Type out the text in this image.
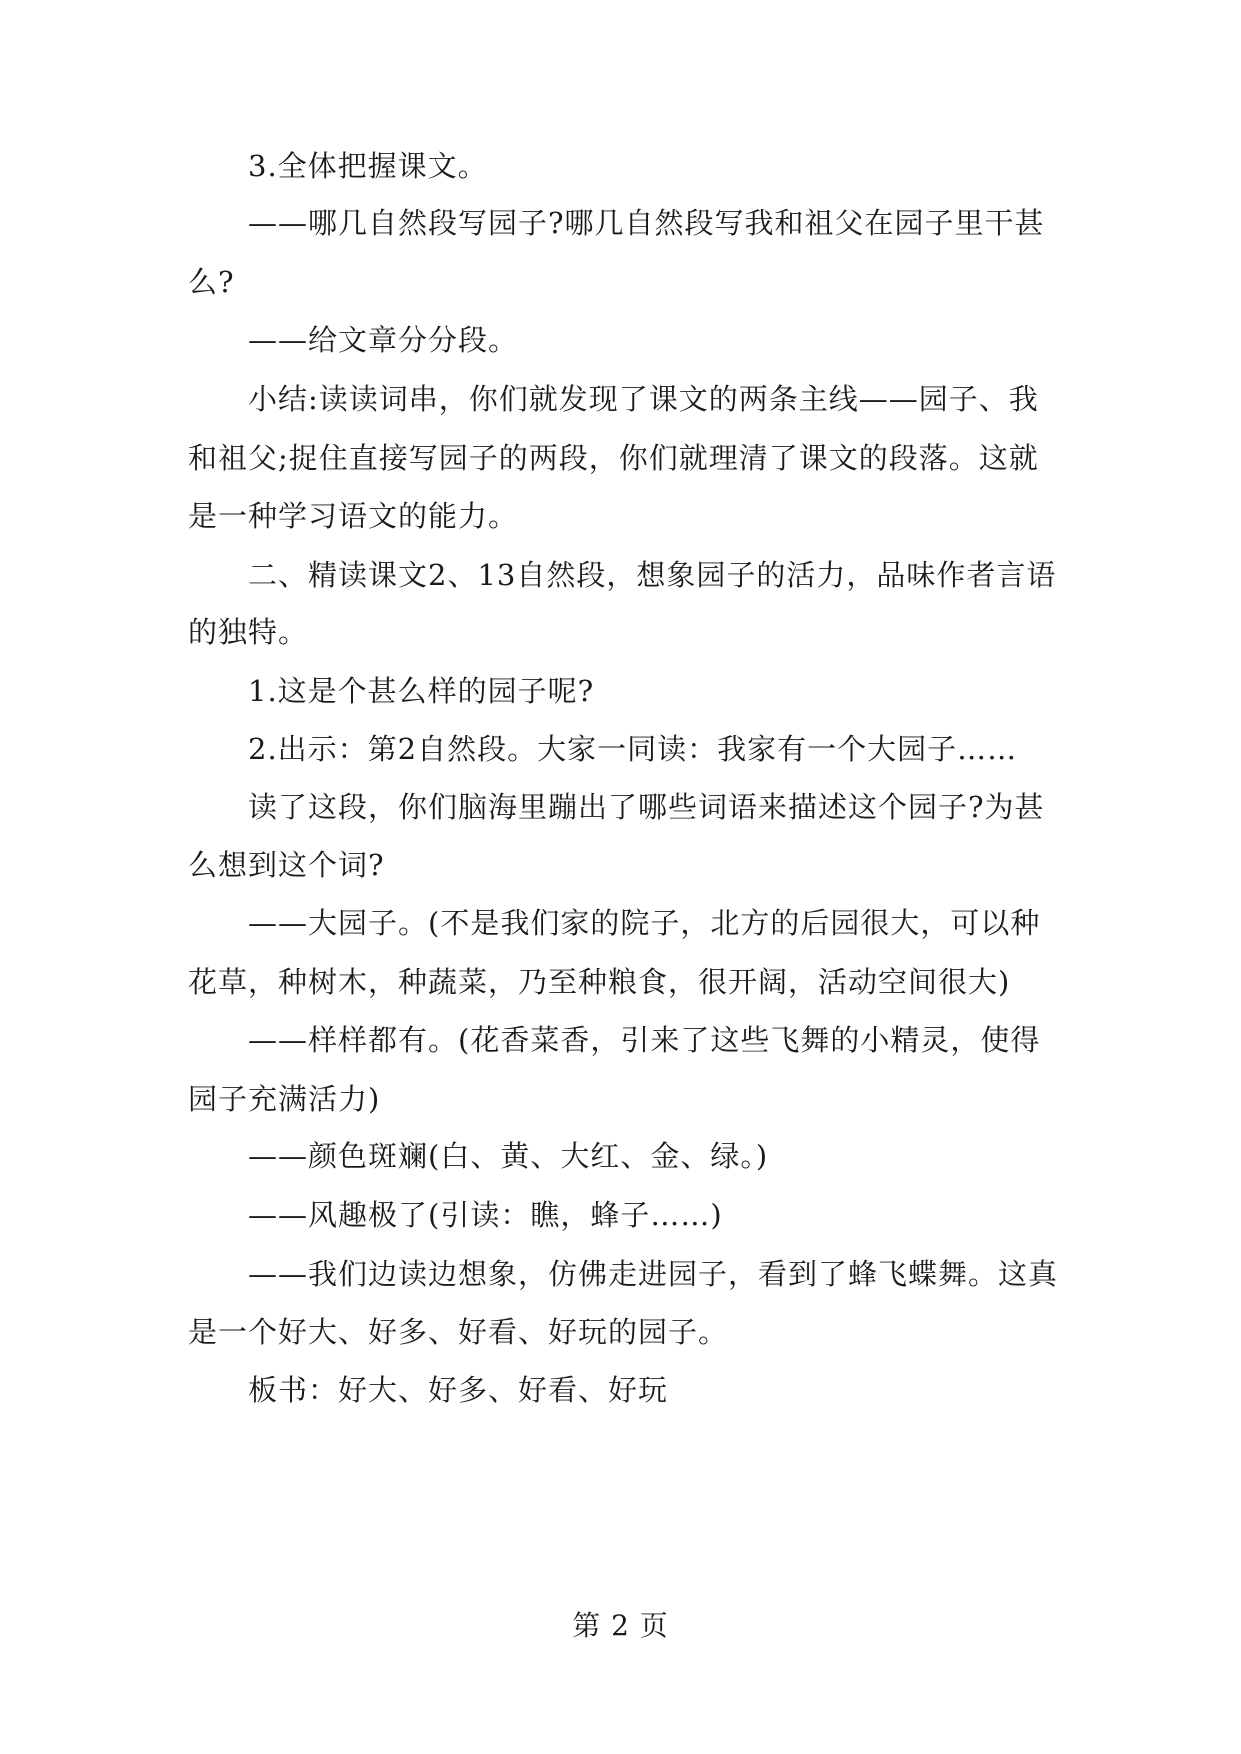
3.全体把握课文。
——哪几自然段写园子?哪几自然段写我和祖父在园子里干甚
么?
——给文章分分段。
小结:读读词串，你们就发现了课文的两条主线——园子、我
和祖父;捉住直接写园子的两段，你们就理清了课文的段落。这就
是一种学习语文的能力。
二、精读课文2、13自然段，想象园子的活力，品味作者言语
的独特。
1.这是个甚么样的园子呢?
2.出示：第2自然段。大家一同读：我家有一个大园子……
读了这段，你们脑海里蹦出了哪些词语来描述这个园子?为甚
么想到这个词?
——大园子。(不是我们家的院子，北方的后园很大，可以种
花草，种树木，种蔬菜，乃至种粮食，很开阔，活动空间很大)
——样样都有。(花香菜香，引来了这些飞舞的小精灵，使得
园子充满活力)
——颜色斑斓(白、黄、大红、金、绿。)
——风趣极了(引读：瞧，蜂子……)
——我们边读边想象，仿佛走进园子，看到了蜂飞蝶舞。这真
是一个好大、好多、好看、好玩的园子。
板书：好大、好多、好看、好玩
第 2 页
